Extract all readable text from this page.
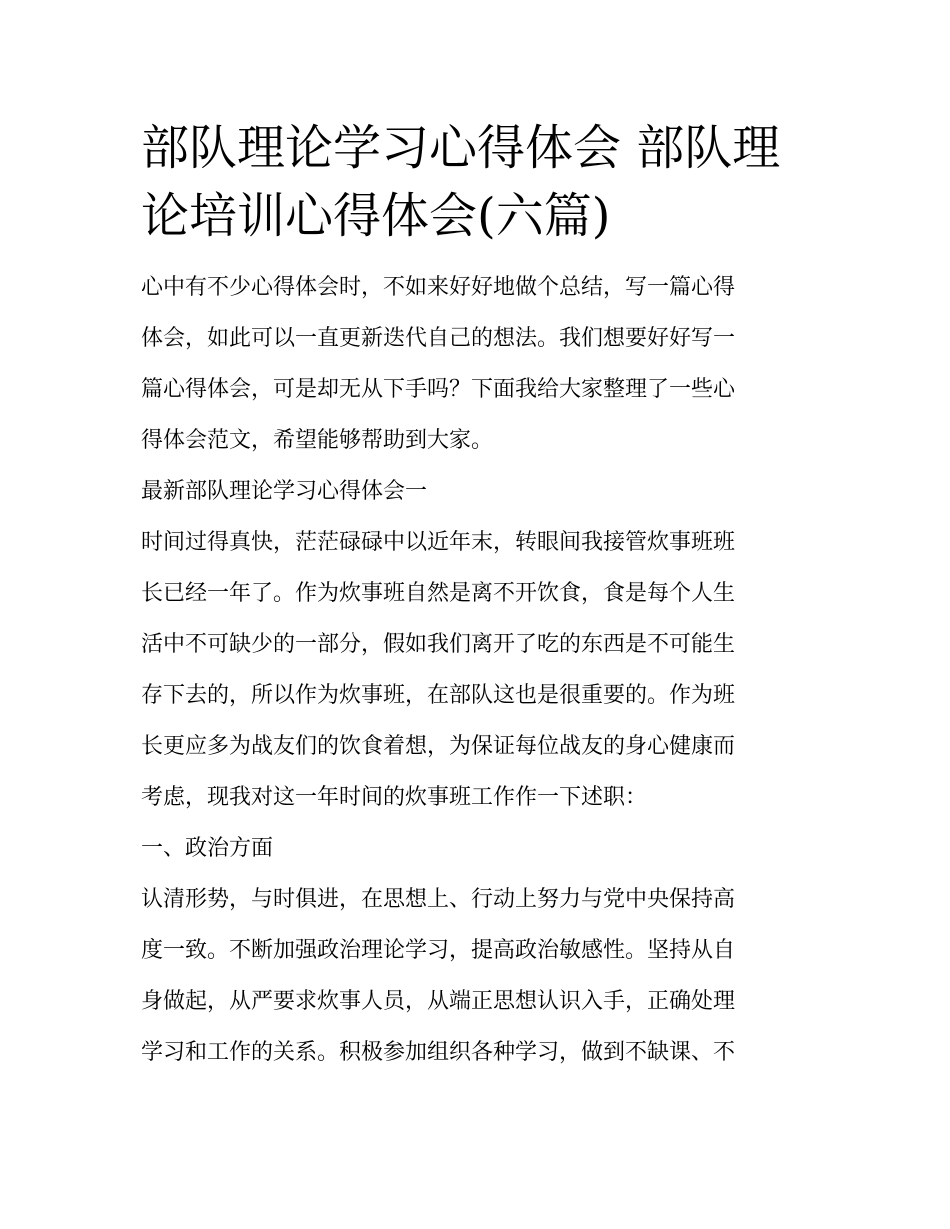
部队理论学习心得体会 部队理
论培训心得体会(六篇)

心中有不少心得体会时，不如来好好地做个总结，写一篇心得
体会，如此可以一直更新迭代自己的想法。我们想要好好写一
篇心得体会，可是却无从下手吗？下面我给大家整理了一些心
得体会范文，希望能够帮助到大家。

最新部队理论学习心得体会一

时间过得真快，茫茫碌碌中以近年末，转眼间我接管炊事班班
长已经一年了。作为炊事班自然是离不开饮食，食是每个人生
活中不可缺少的一部分，假如我们离开了吃的东西是不可能生
存下去的，所以作为炊事班，在部队这也是很重要的。作为班
长更应多为战友们的饮食着想，为保证每位战友的身心健康而
考虑，现我对这一年时间的炊事班工作作一下述职：

一、政治方面

认清形势，与时俱进，在思想上、行动上努力与党中央保持高
度一致。不断加强政治理论学习，提高政治敏感性。坚持从自
身做起，从严要求炊事人员，从端正思想认识入手，正确处理
学习和工作的关系。积极参加组织各种学习，做到不缺课、不
